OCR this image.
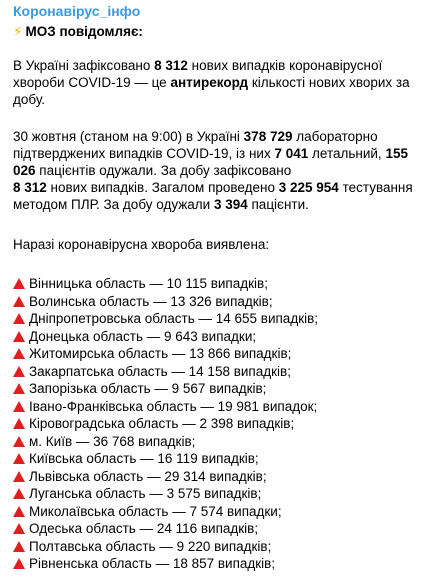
Коронавірус_інфо
⚡ МОЗ повідомляє:
В Україні зафіксовано 8 312 нових випадків коронавірусної
хвороби COVID-19 — це антирекорд кількості нових хворих за
добу.
30 жовтня (станом на 9:00) в Україні 378 729 лабораторно
підтверджених випадків COVID-19, із них 7 041 летальний, 155
026 пацієнтів одужали. За добу зафіксовано
8 312 нових випадків. Загалом проведено 3 225 954 тестування
методом ПЛР. За добу одужали 3 394 пацієнти.
Наразі коронавірусна хвороба виявлена:
Вінницька область — 10 115 випадків;
Волинська область — 13 326 випадків;
Дніпропетровська область — 14 655 випадків;
Донецька область — 9 643 випадки;
Житомирська область — 13 866 випадків;
Закарпатська область — 14 158 випадків;
Запорізька область — 9 567 випадків;
Івано-Франківська область — 19 981 випадок;
Кіровоградська область — 2 398 випадків;
м. Київ — 36 768 випадків;
Київська область — 16 119 випадків;
Львівська область — 29 314 випадків;
Луганська область — 3 575 випадків;
Миколаївська область — 7 574 випадки;
Одеська область — 24 116 випадків;
Полтавська область — 9 220 випадків;
Рівненська область — 18 857 випадків;
